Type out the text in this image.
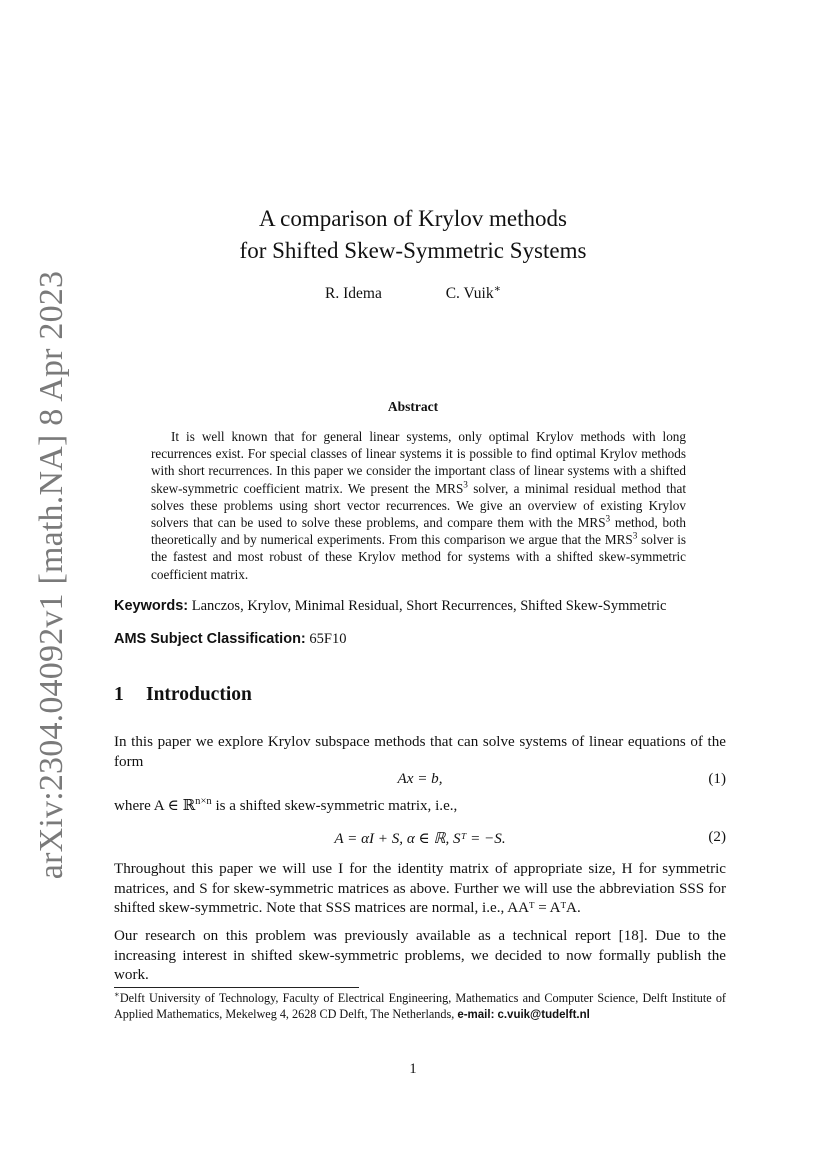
arXiv:2304.04092v1 [math.NA] 8 Apr 2023
A comparison of Krylov methods
for Shifted Skew-Symmetric Systems
R. Idema	C. Vuik∗
Abstract
It is well known that for general linear systems, only optimal Krylov methods with long recurrences exist. For special classes of linear systems it is possible to find optimal Krylov methods with short recurrences. In this paper we consider the important class of linear systems with a shifted skew-symmetric coefficient matrix. We present the MRS$^3$ solver, a minimal residual method that solves these problems using short vector recurrences. We give an overview of existing Krylov solvers that can be used to solve these problems, and compare them with the MRS$^3$ method, both theoretically and by numerical experiments. From this comparison we argue that the MRS$^3$ solver is the fastest and most robust of these Krylov method for systems with a shifted skew-symmetric coefficient matrix.
Keywords: Lanczos, Krylov, Minimal Residual, Short Recurrences, Shifted Skew-Symmetric
AMS Subject Classification: 65F10
1 Introduction
In this paper we explore Krylov subspace methods that can solve systems of linear equations of the form
Ax = b,	(1)
where A ∈ ℝ$^{n\times n}$ is a shifted skew-symmetric matrix, i.e.,
A = αI + S, α ∈ ℝ, Sᵀ = −S.	(2)
Throughout this paper we will use I for the identity matrix of appropriate size, H for symmetric matrices, and S for skew-symmetric matrices as above. Further we will use the abbreviation SSS for shifted skew-symmetric. Note that SSS matrices are normal, i.e., AAᵀ = AᵀA.
Our research on this problem was previously available as a technical report [18]. Due to the increasing interest in shifted skew-symmetric problems, we decided to now formally publish the work.
∗Delft University of Technology, Faculty of Electrical Engineering, Mathematics and Computer Science, Delft Institute of Applied Mathematics, Mekelweg 4, 2628 CD Delft, The Netherlands, e-mail: c.vuik@tudelft.nl
1
